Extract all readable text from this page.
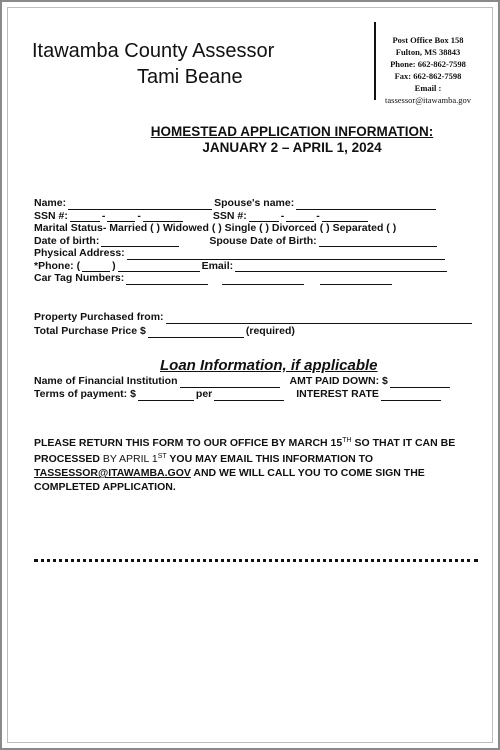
Itawamba County Assessor
Tami Beane
Post Office Box 158
Fulton, MS 38843
Phone: 662-862-7598
Fax: 662-862-7598
Email :
tassessor@itawamba.gov
HOMESTEAD APPLICATION INFORMATION:
JANUARY 2 – APRIL 1, 2024
Name:	Spouse's name:
SSN #:	-	-	SSN #:	-	-
Marital Status- Married ( ) Widowed ( ) Single ( ) Divorced ( ) Separated ( )
Date of birth:	Spouse Date of Birth:
Physical Address:
*Phone: (	)	Email:
Car Tag Numbers:
Property Purchased from:
Total Purchase Price $	(required)
Loan Information, if applicable
Name of Financial Institution	AMT PAID DOWN: $
Terms of payment: $	per	INTEREST RATE
PLEASE RETURN THIS FORM TO OUR OFFICE BY MARCH 15TH SO THAT IT CAN BE PROCESSED BY APRIL 1ST YOU MAY EMAIL THIS INFORMATION TO
TASSESSOR@ITAWAMBA.GOV AND WE WILL CALL YOU TO COME SIGN THE COMPLETED APPLICATION.
